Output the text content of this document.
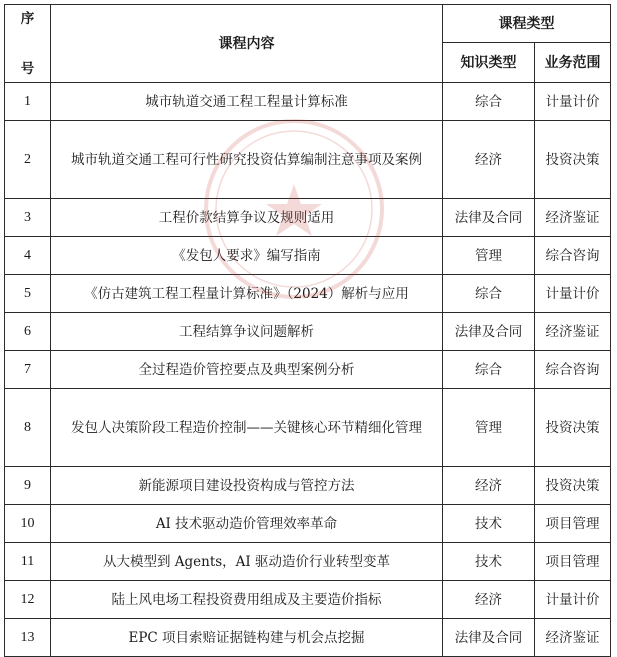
序
号	课程内容	课程类型	
		知识类型	业务范围
1	城市轨道交通工程工程量计算标准	综合	计量计价
2	城市轨道交通工程可行性研究投资估算编制注意事项及案例	经济	投资决策
3	工程价款结算争议及规则适用	法律及合同	经济鉴证
4	《发包人要求》编写指南	管理	综合咨询
5	《仿古建筑工程工程量计算标准》（2024）解析与应用	综合	计量计价
6	工程结算争议问题解析	法律及合同	经济鉴证
7	全过程造价管控要点及典型案例分析	综合	综合咨询
8	发包人决策阶段工程造价控制——关键核心环节精细化管理	管理	投资决策
9	新能源项目建设投资构成与管控方法	经济	投资决策
10	AI 技术驱动造价管理效率革命	技术	项目管理
11	从大模型到 Agents，AI 驱动造价行业转型变革	技术	项目管理
12	陆上风电场工程投资费用组成及主要造价指标	经济	计量计价
13	EPC 项目索赔证据链构建与机会点挖掘	法律及合同	经济鉴证
